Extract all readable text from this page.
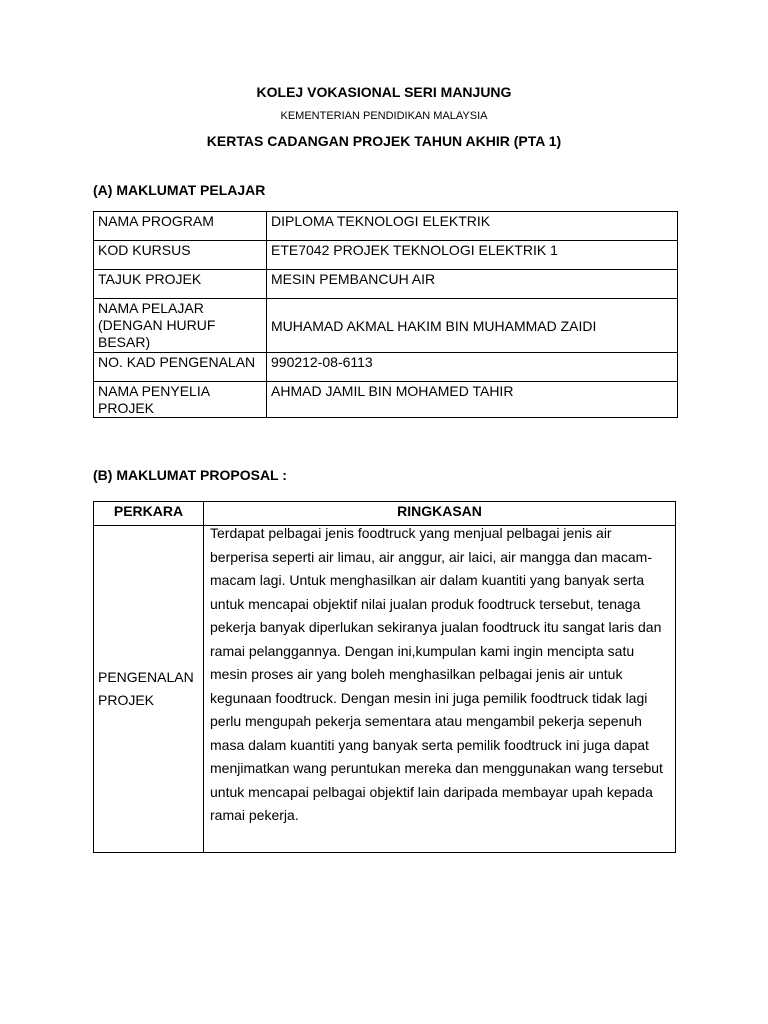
KOLEJ VOKASIONAL SERI MANJUNG
KEMENTERIAN PENDIDIKAN MALAYSIA
KERTAS CADANGAN PROJEK TAHUN AKHIR (PTA 1)
(A) MAKLUMAT PELAJAR
NAMA PROGRAM	DIPLOMA TEKNOLOGI ELEKTRIK
KOD KURSUS	ETE7042 PROJEK TEKNOLOGI ELEKTRIK 1
TAJUK PROJEK	MESIN PEMBANCUH AIR
NAMA PELAJAR (DENGAN HURUF BESAR)	MUHAMAD AKMAL HAKIM BIN MUHAMMAD ZAIDI
NO. KAD PENGENALAN	990212-08-6113
NAMA PENYELIA PROJEK	AHMAD JAMIL BIN MOHAMED TAHIR
(B) MAKLUMAT PROPOSAL :
PERKARA	RINGKASAN
PENGENALAN PROJEK	Terdapat pelbagai jenis foodtruck yang menjual pelbagai jenis air berperisa seperti air limau, air anggur, air laici, air mangga dan macam-macam lagi. Untuk menghasilkan air dalam kuantiti yang banyak serta untuk mencapai objektif nilai jualan produk foodtruck tersebut, tenaga pekerja banyak diperlukan sekiranya jualan foodtruck itu sangat laris dan ramai pelanggannya. Dengan ini,kumpulan kami ingin mencipta satu mesin proses air yang boleh menghasilkan pelbagai jenis air untuk kegunaan foodtruck. Dengan mesin ini juga pemilik foodtruck tidak lagi perlu mengupah pekerja sementara atau mengambil pekerja sepenuh masa dalam kuantiti yang banyak serta pemilik foodtruck ini juga dapat menjimatkan wang peruntukan mereka dan menggunakan wang tersebut untuk mencapai pelbagai objektif lain daripada membayar upah kepada ramai pekerja.
